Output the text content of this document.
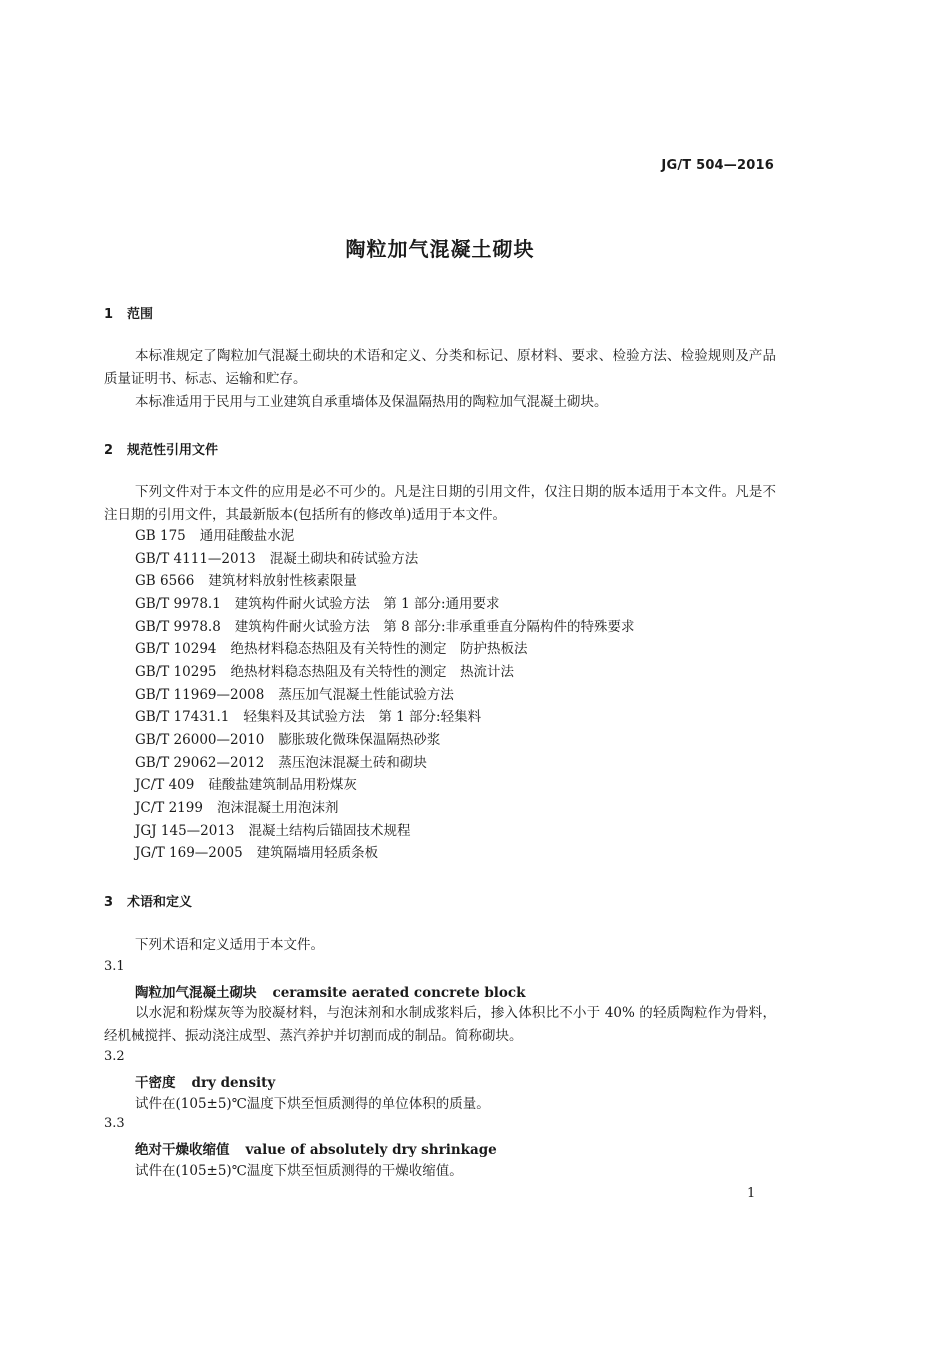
JG/T 504—2016
陶粒加气混凝土砌块
1 范围
本标准规定了陶粒加气混凝土砌块的术语和定义、分类和标记、原材料、要求、检验方法、检验规则及产品质量证明书、标志、运输和贮存。
本标准适用于民用与工业建筑自承重墙体及保温隔热用的陶粒加气混凝土砌块。
2 规范性引用文件
下列文件对于本文件的应用是必不可少的。凡是注日期的引用文件，仅注日期的版本适用于本文件。凡是不注日期的引用文件，其最新版本(包括所有的修改单)适用于本文件。
GB 175 通用硅酸盐水泥
GB/T 4111—2013 混凝土砌块和砖试验方法
GB 6566 建筑材料放射性核素限量
GB/T 9978.1 建筑构件耐火试验方法　第 1 部分:通用要求
GB/T 9978.8 建筑构件耐火试验方法　第 8 部分:非承重垂直分隔构件的特殊要求
GB/T 10294 绝热材料稳态热阻及有关特性的测定　防护热板法
GB/T 10295 绝热材料稳态热阻及有关特性的测定　热流计法
GB/T 11969—2008 蒸压加气混凝土性能试验方法
GB/T 17431.1 轻集料及其试验方法　第 1 部分:轻集料
GB/T 26000—2010 膨胀玻化微珠保温隔热砂浆
GB/T 29062—2012 蒸压泡沫混凝土砖和砌块
JC/T 409 硅酸盐建筑制品用粉煤灰
JC/T 2199 泡沫混凝土用泡沫剂
JGJ 145—2013 混凝土结构后锚固技术规程
JG/T 169—2005 建筑隔墙用轻质条板
3 术语和定义
下列术语和定义适用于本文件。
3.1
陶粒加气混凝土砌块 ceramsite aerated concrete block
以水泥和粉煤灰等为胶凝材料，与泡沫剂和水制成浆料后，掺入体积比不小于 40% 的轻质陶粒作为骨料，经机械搅拌、振动浇注成型、蒸汽养护并切割而成的制品。简称砌块。
3.2
干密度 dry density
试件在(105±5)℃温度下烘至恒质测得的单位体积的质量。
3.3
绝对干燥收缩值 value of absolutely dry shrinkage
试件在(105±5)℃温度下烘至恒质测得的干燥收缩值。
1
